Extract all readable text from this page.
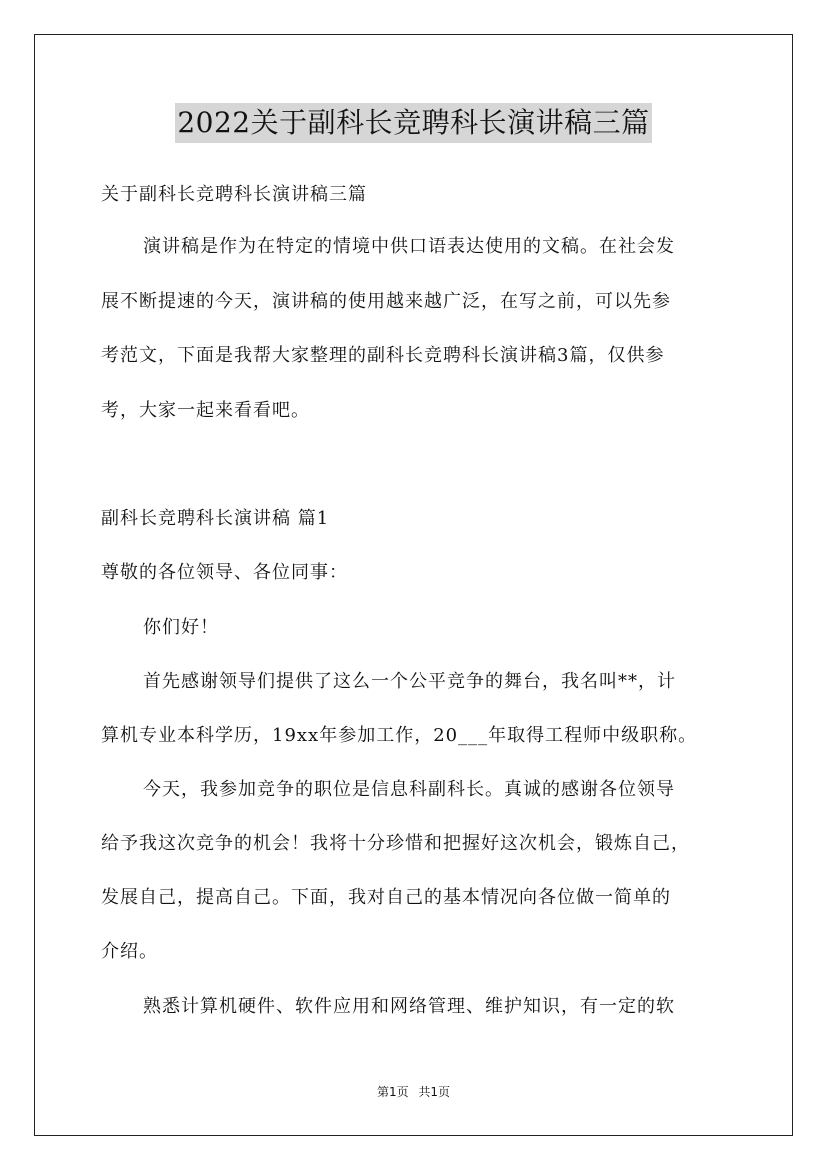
2022关于副科长竞聘科长演讲稿三篇
关于副科长竞聘科长演讲稿三篇
演讲稿是作为在特定的情境中供口语表达使用的文稿。在社会发
展不断提速的今天，演讲稿的使用越来越广泛，在写之前，可以先参
考范文，下面是我帮大家整理的副科长竞聘科长演讲稿3篇，仅供参
考，大家一起来看看吧。
副科长竞聘科长演讲稿 篇1
尊敬的各位领导、各位同事：
你们好！
首先感谢领导们提供了这么一个公平竞争的舞台，我名叫**，计
算机专业本科学历，19xx年参加工作，20___年取得工程师中级职称。
今天，我参加竞争的职位是信息科副科长。真诚的感谢各位领导
给予我这次竞争的机会！我将十分珍惜和把握好这次机会，锻炼自己，
发展自己，提高自己。下面，我对自己的基本情况向各位做一简单的
介绍。
熟悉计算机硬件、软件应用和网络管理、维护知识，有一定的软
第1页 共1页
